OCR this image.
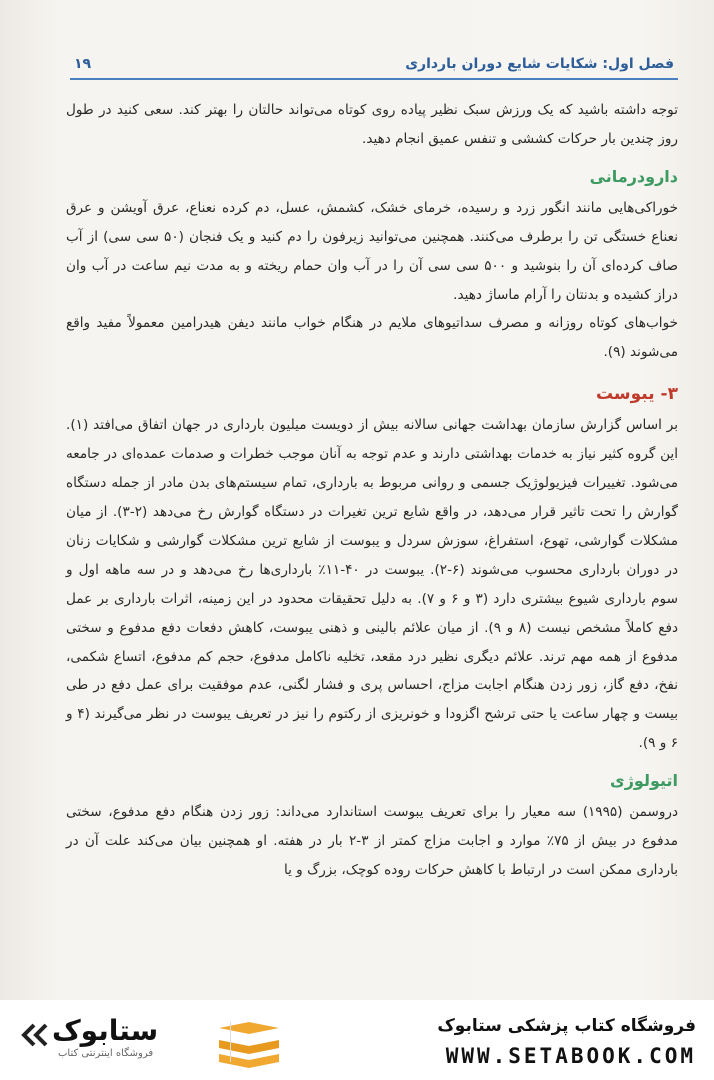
فصل اول: شکایات شایع دوران بارداری
۱۹

توجه داشته باشید که یک ورزش سبک نظیر پیاده روی کوتاه می‌تواند حالتان را بهتر کند. سعی کنید در طول روز چندین بار حرکات کششی و تنفس عمیق انجام دهید.

دارودرمانی

خوراکی‌هایی مانند انگور زرد و رسیده، خرمای خشک، کشمش، عسل، دم کرده نعناع، عرق آویشن و عرق نعناع خستگی تن را برطرف می‌کنند. همچنین می‌توانید زیرفون را دم کنید و یک فنجان (۵۰ سی سی) از آب صاف کرده‌ای آن را بنوشید و ۵۰۰ سی سی آن را در آب وان حمام ریخته و به مدت نیم ساعت در آب وان دراز کشیده و بدنتان را آرام ماساژ دهید.

خواب‌های کوتاه روزانه و مصرف سداتیوهای ملایم در هنگام خواب مانند دیفن هیدرامین معمولاً مفید واقع می‌شوند (۹).

۳- یبوست

بر اساس گزارش سازمان بهداشت جهانی سالانه بیش از دویست میلیون بارداری در جهان اتفاق می‌افتد (۱). این گروه کثیر نیاز به خدمات بهداشتی دارند و عدم توجه به آنان موجب خطرات و صدمات عمده‌ای در جامعه می‌شود. تغییرات فیزیولوژیک جسمی و روانی مربوط به بارداری، تمام سیستم‌های بدن مادر از جمله دستگاه گوارش را تحت تاثیر قرار می‌دهد، در واقع شایع ترین تغیرات در دستگاه گوارش رخ می‌دهد (۲-۳). از میان مشکلات گوارشی، تهوع، استفراغ، سوزش سردل و یبوست از شایع ترین مشکلات گوارشی و شکایات زنان در دوران بارداری محسوب می‌شوند (۶-۲). یبوست در ۴۰-۱۱٪ بارداری‌ها رخ می‌دهد و در سه ماهه اول و سوم بارداری شیوع بیشتری دارد (۳ و ۶ و ۷). به دلیل تحقیقات محدود در این زمینه، اثرات بارداری بر عمل دفع کاملاً مشخص نیست (۸ و ۹). از میان علائم بالینی و ذهنی یبوست، کاهش دفعات دفع مدفوع و سختی مدفوع از همه مهم ترند. علائم دیگری نظیر درد مقعد، تخلیه ناکامل مدفوع، حجم کم مدفوع، اتساع شکمی، نفخ، دفع گاز، زور زدن هنگام اجابت مزاج، احساس پری و فشار لگنی، عدم موفقیت برای عمل دفع در طی بیست و چهار ساعت یا حتی ترشح اگزودا و خونریزی از رکتوم را نیز در تعریف یبوست در نظر می‌گیرند (۴ و ۶ و ۹).

اتیولوژی

دروسمن (۱۹۹۵) سه معیار را برای تعریف یبوست استاندارد می‌داند: زور زدن هنگام دفع مدفوع، سختی مدفوع در بیش از ۷۵٪ موارد و اجابت مزاج کمتر از ۳-۲ بار در هفته. او همچنین بیان می‌کند علت آن در بارداری ممکن است در ارتباط با کاهش حرکات روده کوچک، بزرگ و یا

ستابوک
فروشگاه اینترنتی کتاب
فروشگاه کتاب پزشکی ستابوک
WWW.SETABOOK.COM
